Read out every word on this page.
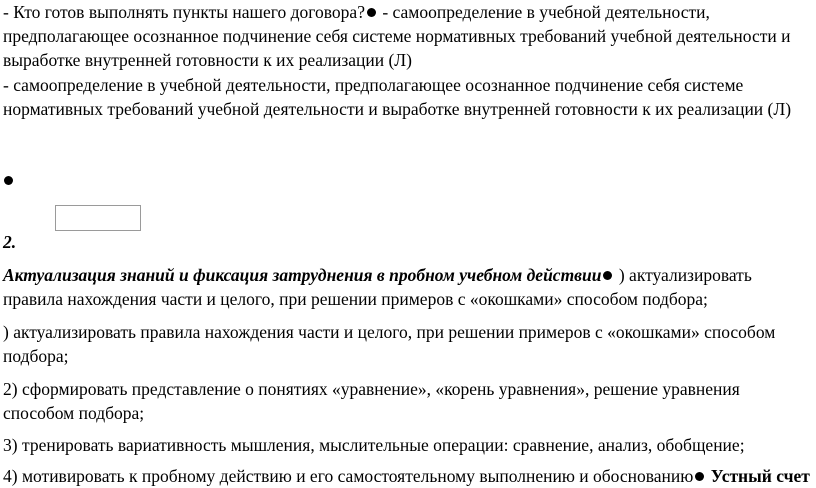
- Кто готов выполнять пункты нашего договора? - самоопределение в учебной деятельности, предполагающее осознанное подчинение себя системе нормативных требований учебной деятельности и выработке внутренней готовности к их реализации (Л)

- самоопределение в учебной деятельности, предполагающее осознанное подчинение себя системе нормативных требований учебной деятельности и выработке внутренней готовности к их реализации (Л)

2.

Актуализация знаний и фиксация затруднения в пробном учебном действии ) актуализировать правила нахождения части и целого, при решении примеров с «окошками» способом подбора;

) актуализировать правила нахождения части и целого, при решении примеров с «окошками» способом подбора;

2) сформировать представление о понятиях «уравнение», «корень уравнения», решение уравнения способом подбора;

3) тренировать вариативность мышления, мыслительные операции: сравнение, анализ, обобщение;

4) мотивировать к пробному действию и его самостоятельному выполнению и обоснованию Устный счет
